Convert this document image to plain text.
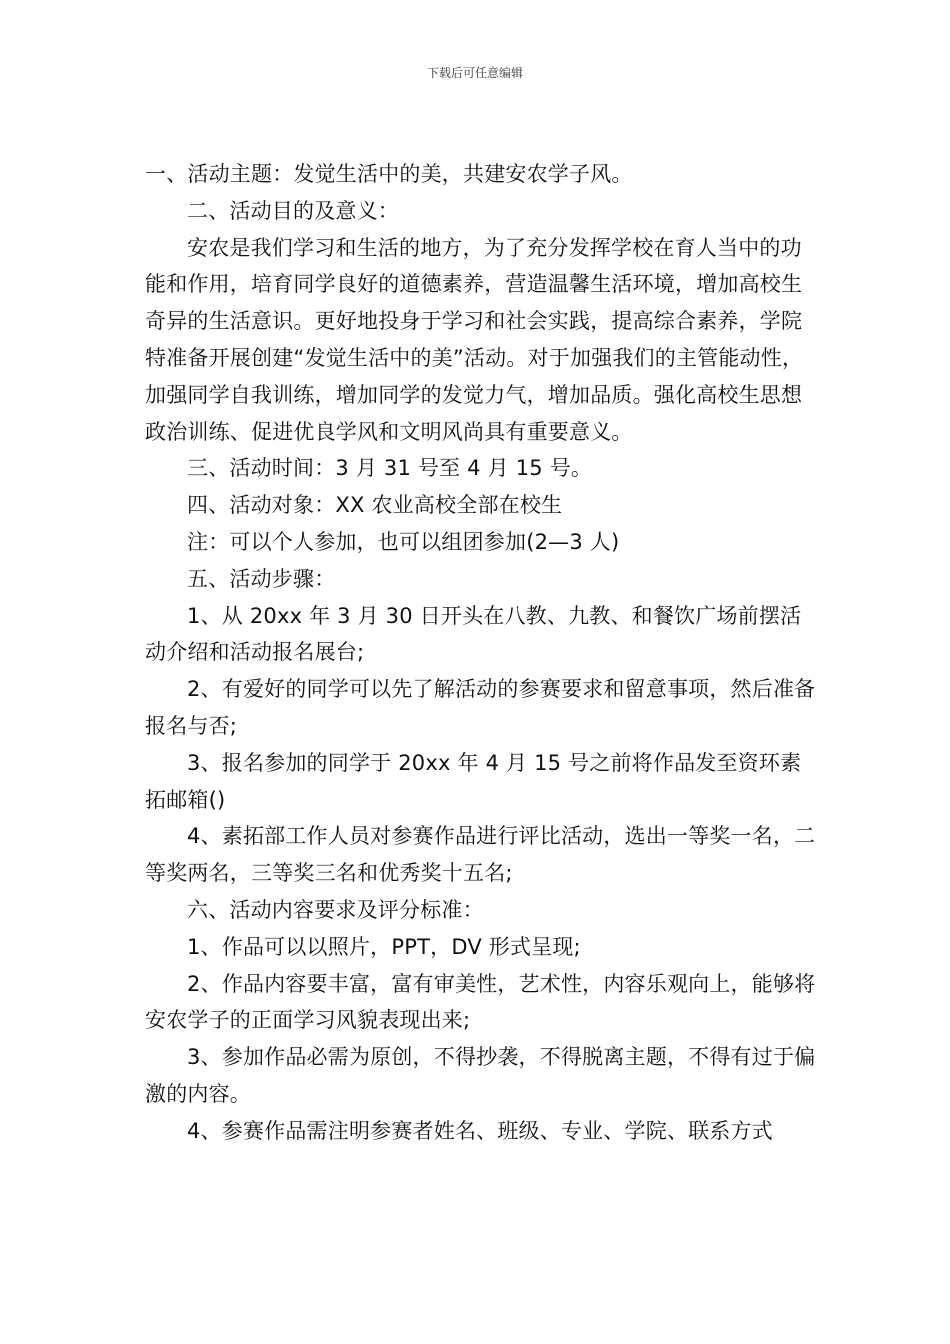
下载后可任意编辑

一、活动主题：发觉生活中的美，共建安农学子风。

二、活动目的及意义：

安农是我们学习和生活的地方，为了充分发挥学校在育人当中的功能和作用，培育同学良好的道德素养，营造温馨生活环境，增加高校生奇异的生活意识。更好地投身于学习和社会实践，提高综合素养，学院特准备开展创建“发觉生活中的美”活动。对于加强我们的主管能动性，加强同学自我训练，增加同学的发觉力气，增加品质。强化高校生思想政治训练、促进优良学风和文明风尚具有重要意义。

三、活动时间：3 月 31 号至 4 月 15 号。

四、活动对象：XX 农业高校全部在校生

注：可以个人参加，也可以组团参加(2—3 人)

五、活动步骤：

1、从 20xx 年 3 月 30 日开头在八教、九教、和餐饮广场前摆活动介绍和活动报名展台;

2、有爱好的同学可以先了解活动的参赛要求和留意事项，然后准备报名与否;

3、报名参加的同学于 20xx 年 4 月 15 号之前将作品发至资环素拓邮箱()

4、素拓部工作人员对参赛作品进行评比活动，选出一等奖一名，二等奖两名，三等奖三名和优秀奖十五名;

六、活动内容要求及评分标准：

1、作品可以以照片，PPT，DV 形式呈现;

2、作品内容要丰富，富有审美性，艺术性，内容乐观向上，能够将安农学子的正面学习风貌表现出来;

3、参加作品必需为原创，不得抄袭，不得脱离主题，不得有过于偏激的内容。

4、参赛作品需注明参赛者姓名、班级、专业、学院、联系方式
